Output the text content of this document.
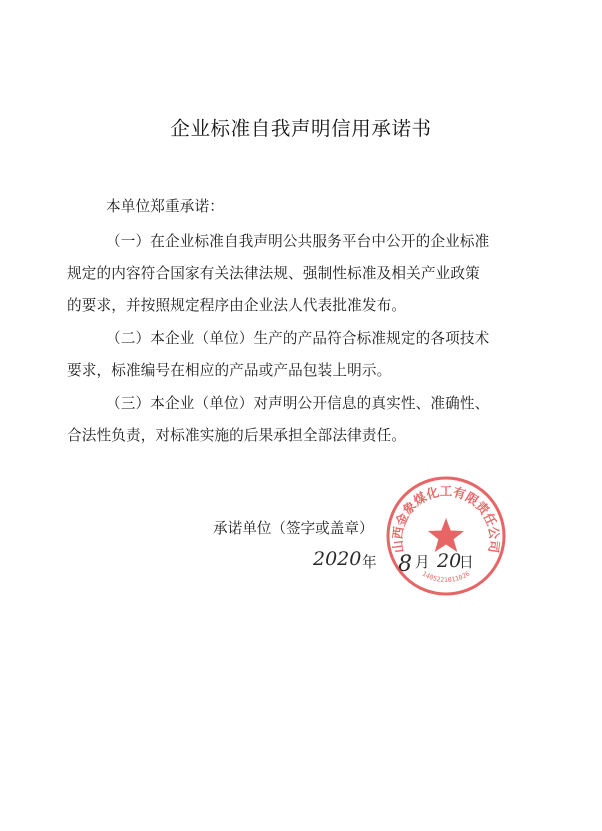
企业标准自我声明信用承诺书
本单位郑重承诺：
（一）在企业标准自我声明公共服务平台中公开的企业标准
规定的内容符合国家有关法律法规、强制性标准及相关产业政策
的要求，并按照规定程序由企业法人代表批准发布。
（二）本企业（单位）生产的产品符合标准规定的各项技术
要求，标准编号在相应的产品或产品包装上明示。
（三）本企业（单位）对声明公开信息的真实性、准确性、
合法性负责，对标准实施的后果承担全部法律责任。
承诺单位（签字或盖章）
2020 年 8 月 20
日
山西金象煤化工有限责任公司
1405221011026
